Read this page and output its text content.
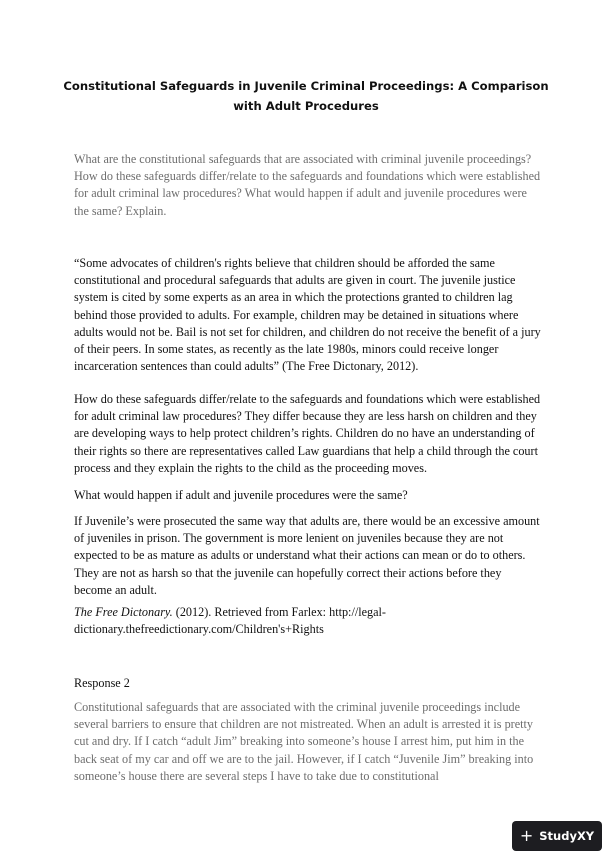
Constitutional Safeguards in Juvenile Criminal Proceedings: A Comparison with Adult Procedures

What are the constitutional safeguards that are associated with criminal juvenile proceedings? How do these safeguards differ/relate to the safeguards and foundations which were established for adult criminal law procedures? What would happen if adult and juvenile procedures were the same? Explain.

“Some advocates of children's rights believe that children should be afforded the same constitutional and procedural safeguards that adults are given in court. The juvenile justice system is cited by some experts as an area in which the protections granted to children lag behind those provided to adults. For example, children may be detained in situations where adults would not be. Bail is not set for children, and children do not receive the benefit of a jury of their peers. In some states, as recently as the late 1980s, minors could receive longer incarceration sentences than could adults” (The Free Dictonary, 2012).

How do these safeguards differ/relate to the safeguards and foundations which were established for adult criminal law procedures? They differ because they are less harsh on children and they are developing ways to help protect children’s rights. Children do no have an understanding of their rights so there are representatives called Law guardians that help a child through the court process and they explain the rights to the child as the proceeding moves.

What would happen if adult and juvenile procedures were the same?

If Juvenile’s were prosecuted the same way that adults are, there would be an excessive amount of juveniles in prison. The government is more lenient on juveniles because they are not expected to be as mature as adults or understand what their actions can mean or do to others. They are not as harsh so that the juvenile can hopefully correct their actions before they become an adult.

The Free Dictonary. (2012). Retrieved from Farlex: http://legal-dictionary.thefreedictionary.com/Children's+Rights

Response 2

Constitutional safeguards that are associated with the criminal juvenile proceedings include several barriers to ensure that children are not mistreated. When an adult is arrested it is pretty cut and dry. If I catch “adult Jim” breaking into someone’s house I arrest him, put him in the back seat of my car and off we are to the jail. However, if I catch “Juvenile Jim” breaking into someone’s house there are several steps I have to take due to constitutional

+ StudyXY
